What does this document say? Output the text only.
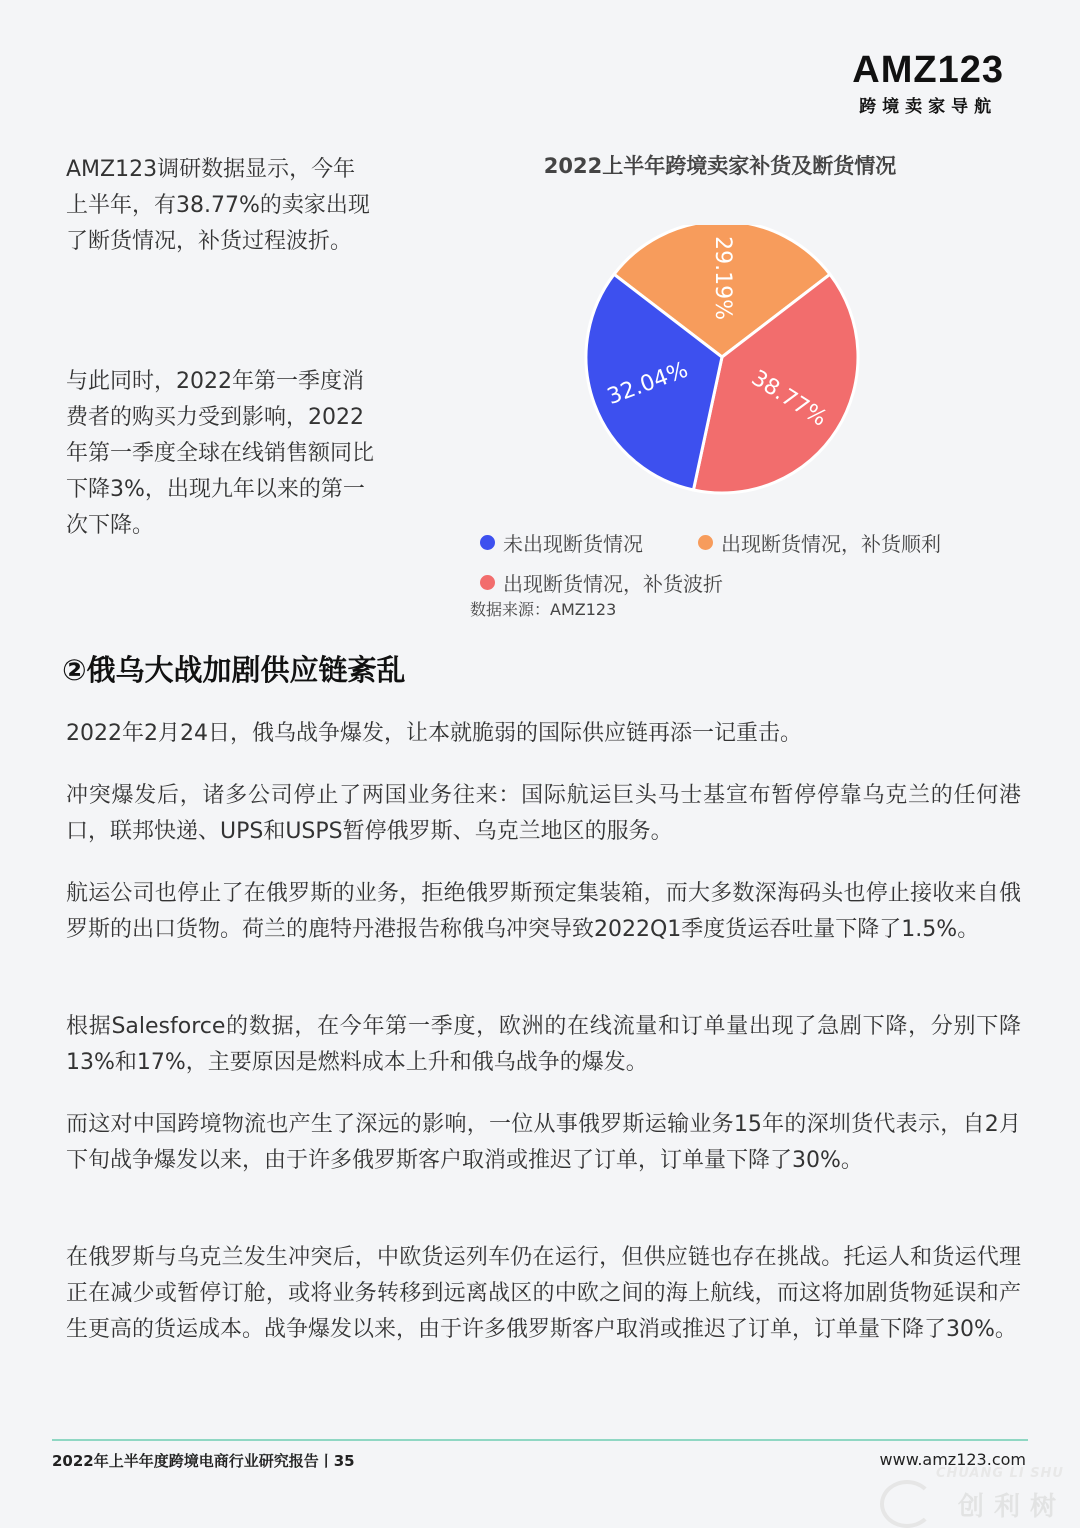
AMZ123
跨境卖家导航

AMZ123调研数据显示，今年上半年，有38.77%的卖家出现了断货情况，补货过程波折。

与此同时，2022年第一季度消费者的购买力受到影响，2022年第一季度全球在线销售额同比下降3%，出现九年以来的第一次下降。

2022上半年跨境卖家补货及断货情况
29.19%
38.77%
32.04%
未出现断货情况	出现断货情况，补货顺利
出现断货情况，补货波折
数据来源：AMZ123
②俄乌大战加剧供应链紊乱

2022年2月24日，俄乌战争爆发，让本就脆弱的国际供应链再添一记重击。

冲突爆发后，诸多公司停止了两国业务往来：国际航运巨头马士基宣布暂停停靠乌克兰的任何港口，联邦快递、UPS和USPS暂停俄罗斯、乌克兰地区的服务。

航运公司也停止了在俄罗斯的业务，拒绝俄罗斯预定集装箱，而大多数深海码头也停止接收来自俄罗斯的出口货物。荷兰的鹿特丹港报告称俄乌冲突导致2022Q1季度货运吞吐量下降了1.5%。

根据Salesforce的数据，在今年第一季度，欧洲的在线流量和订单量出现了急剧下降，分别下降13%和17%，主要原因是燃料成本上升和俄乌战争的爆发。

而这对中国跨境物流也产生了深远的影响，一位从事俄罗斯运输业务15年的深圳货代表示，自2月下旬战争爆发以来，由于许多俄罗斯客户取消或推迟了订单，订单量下降了30%。

在俄罗斯与乌克兰发生冲突后，中欧货运列车仍在运行，但供应链也存在挑战。托运人和货运代理正在减少或暂停订舱，或将业务转移到远离战区的中欧之间的海上航线，而这将加剧货物延误和产生更高的货运成本。战争爆发以来，由于许多俄罗斯客户取消或推迟了订单，订单量下降了30%。

2022年上半年度跨境电商行业研究报告丨35	www.amz123.com
CHUANG LI SHU
创利树
